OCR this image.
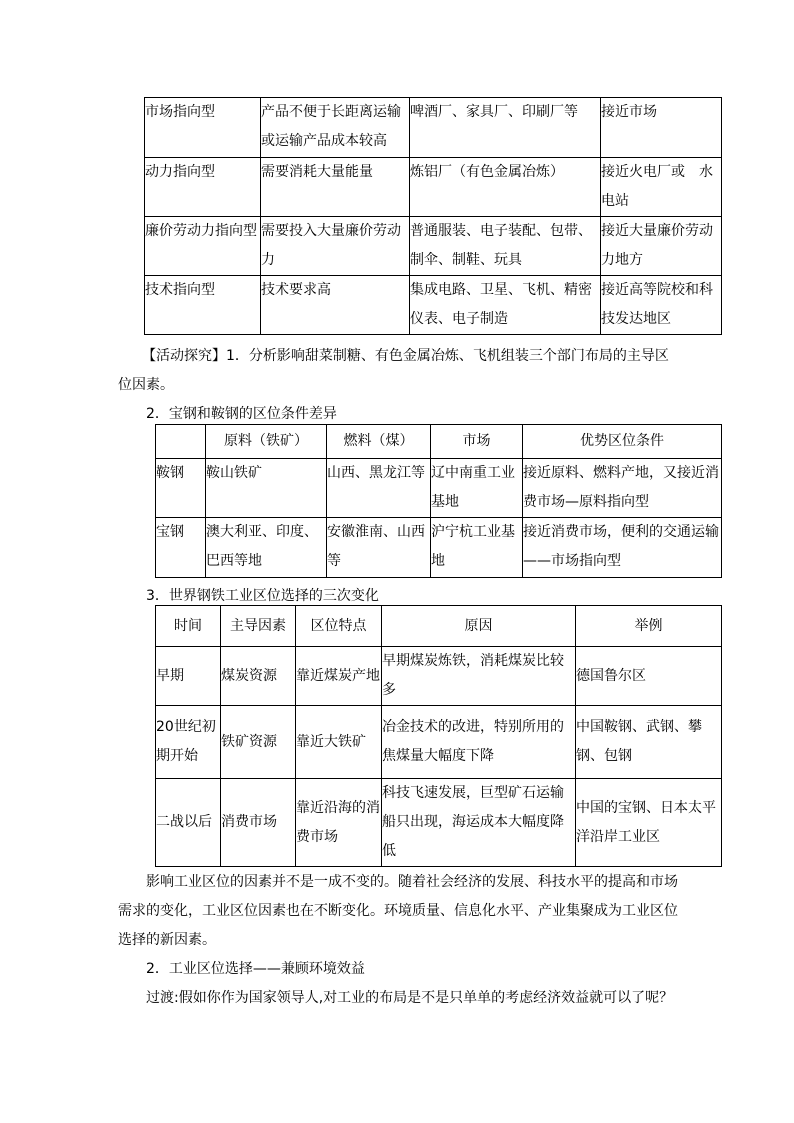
市场指向型	产品不便于长距离运输或运输产品成本较高	啤酒厂、家具厂、印刷厂等	接近市场
动力指向型	需要消耗大量能量	炼铝厂（有色金属冶炼）	接近火电厂或　水电站
廉价劳动力指向型	需要投入大量廉价劳动力	普通服装、电子装配、包带、制伞、制鞋、玩具	接近大量廉价劳动力地方
技术指向型	技术要求高	集成电路、卫星、飞机、精密仪表、电子制造	接近高等院校和科技发达地区
【活动探究】1．分析影响甜菜制糖、有色金属冶炼、飞机组装三个部门布局的主导区
位因素。
2．宝钢和鞍钢的区位条件差异
	原料（铁矿）	燃料（煤）	市场	优势区位条件
鞍钢	鞍山铁矿	山西、黑龙江等	辽中南重工业基地	接近原料、燃料产地，又接近消费市场—原料指向型
宝钢	澳大利亚、印度、巴西等地	安徽淮南、山西等	沪宁杭工业基地	接近消费市场，便利的交通运输——市场指向型
3．世界钢铁工业区位选择的三次变化
时间	主导因素	区位特点	原因	举例
早期	煤炭资源	靠近煤炭产地	早期煤炭炼铁，消耗煤炭比较多	德国鲁尔区
20世纪初期开始	铁矿资源	靠近大铁矿	冶金技术的改进，特别所用的焦煤量大幅度下降	中国鞍钢、武钢、攀钢、包钢
二战以后	消费市场	靠近沿海的消费市场	科技飞速发展，巨型矿石运输船只出现，海运成本大幅度降低	中国的宝钢、日本太平洋沿岸工业区
影响工业区位的因素并不是一成不变的。随着社会经济的发展、科技水平的提高和市场
需求的变化，工业区位因素也在不断变化。环境质量、信息化水平、产业集聚成为工业区位
选择的新因素。
2．工业区位选择——兼顾环境效益
过渡:假如你作为国家领导人,对工业的布局是不是只单单的考虑经济效益就可以了呢？
